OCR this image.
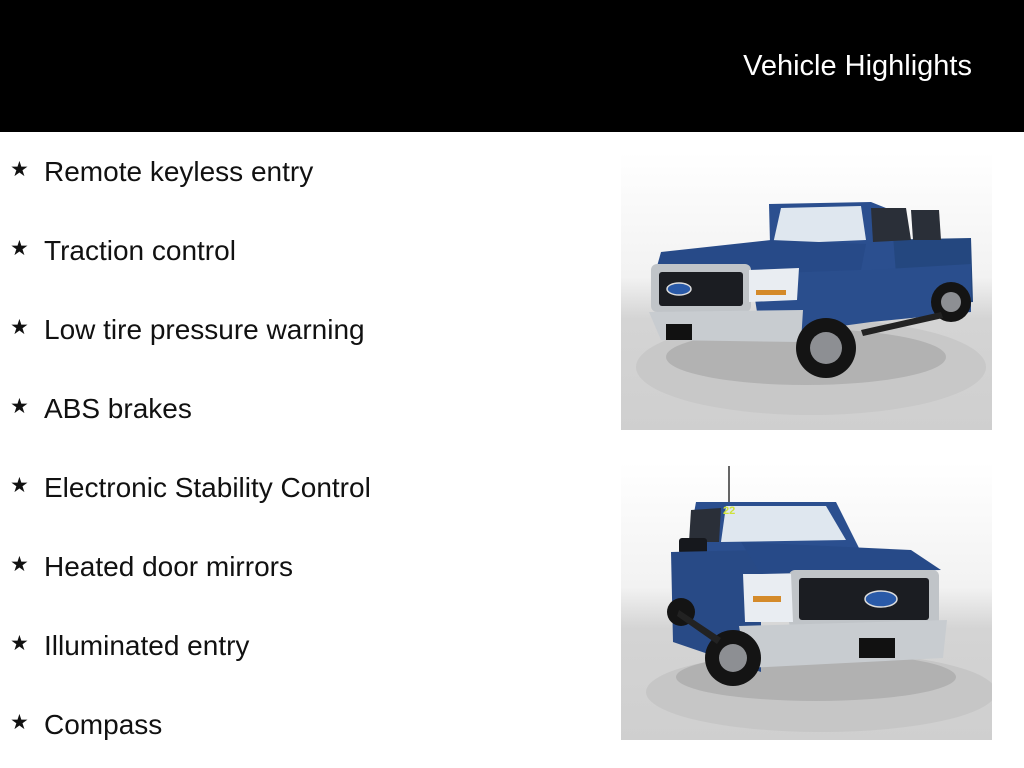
Vehicle Highlights
★ Remote keyless entry
★ Traction control
★ Low tire pressure warning
★ ABS brakes
★ Electronic Stability Control
★ Heated door mirrors
★ Illuminated entry
★ Compass
22
